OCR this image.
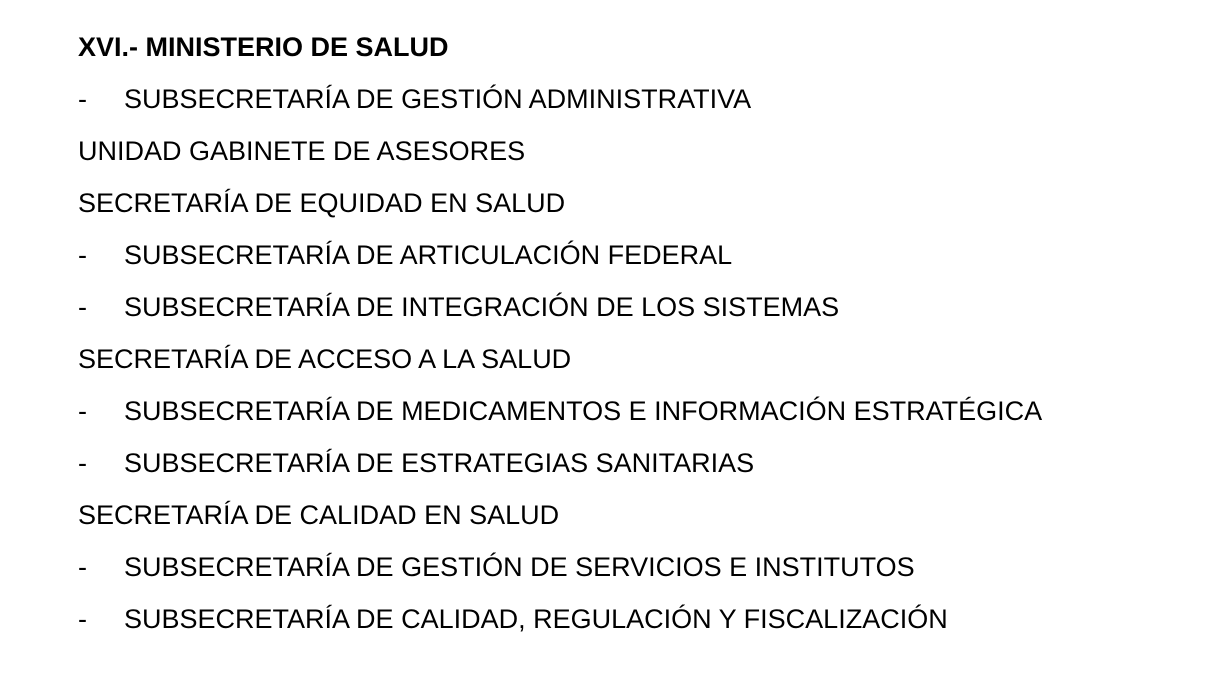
XVI.- MINISTERIO DE SALUD
-	SUBSECRETARÍA DE GESTIÓN ADMINISTRATIVA
UNIDAD GABINETE DE ASESORES
SECRETARÍA DE EQUIDAD EN SALUD
-	SUBSECRETARÍA DE ARTICULACIÓN FEDERAL
-	SUBSECRETARÍA DE INTEGRACIÓN DE LOS SISTEMAS
SECRETARÍA DE ACCESO A LA SALUD
-	SUBSECRETARÍA DE MEDICAMENTOS E INFORMACIÓN ESTRATÉGICA
-	SUBSECRETARÍA DE ESTRATEGIAS SANITARIAS
SECRETARÍA DE CALIDAD EN SALUD
-	SUBSECRETARÍA DE GESTIÓN DE SERVICIOS E INSTITUTOS
-	SUBSECRETARÍA DE CALIDAD, REGULACIÓN Y FISCALIZACIÓN
